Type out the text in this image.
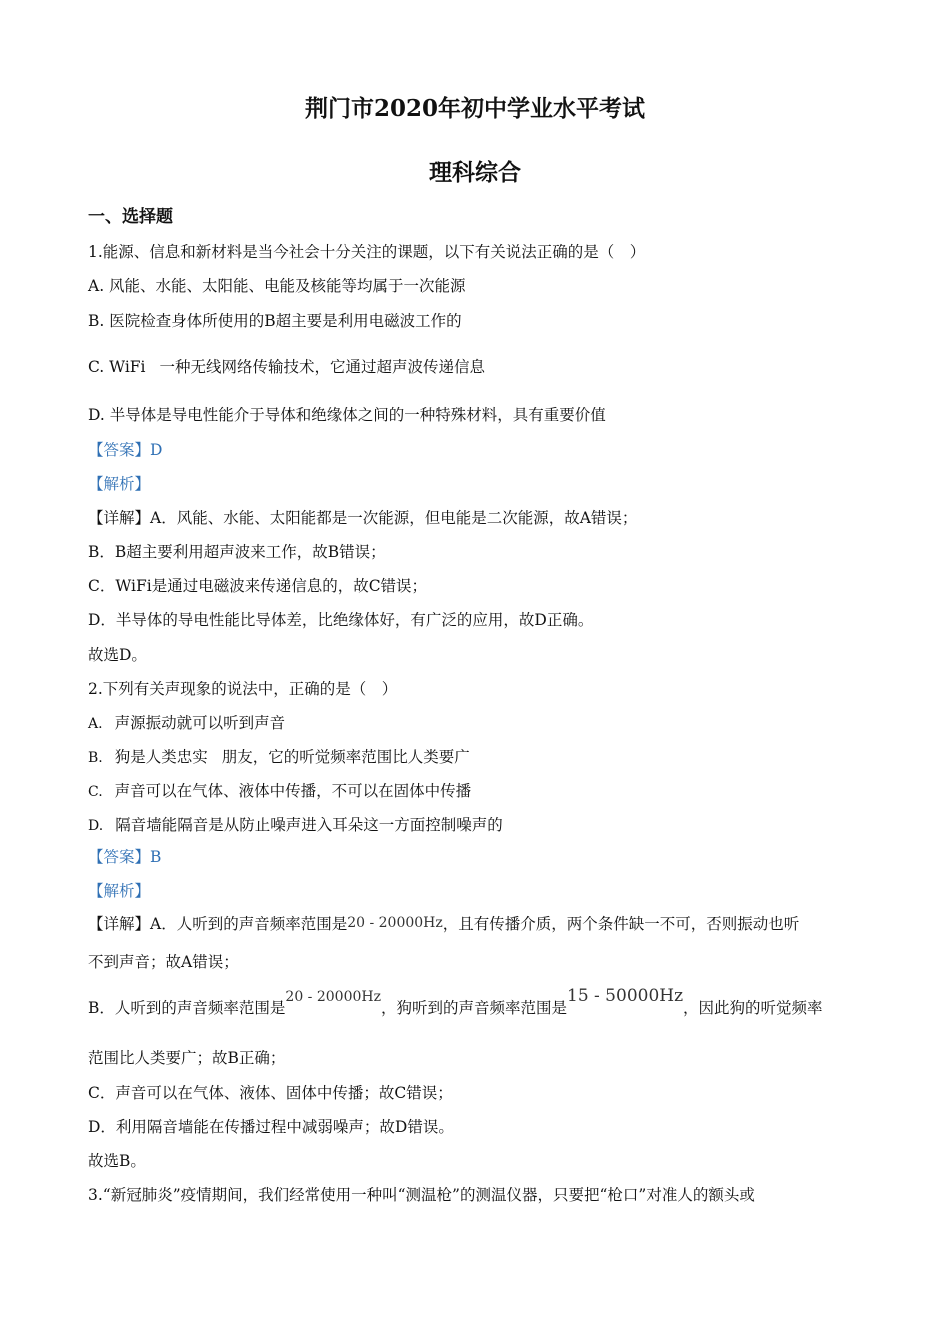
荆门市2020年初中学业水平考试
理科综合
一、选择题
1.能源、信息和新材料是当今社会十分关注的课题，以下有关说法正确的是（　）
A. 风能、水能、太阳能、电能及核能等均属于一次能源
B. 医院检查身体所使用的B超主要是利用电磁波工作的
C. WiFi 一种无线网络传输技术，它通过超声波传递信息
D. 半导体是导电性能介于导体和绝缘体之间的一种特殊材料，具有重要价值
【答案】D
【解析】
【详解】A．风能、水能、太阳能都是一次能源，但电能是二次能源，故A错误；
B．B超主要利用超声波来工作，故B错误；
C．WiFi是通过电磁波来传递信息的，故C错误；
D．半导体的导电性能比导体差，比绝缘体好，有广泛的应用，故D正确。
故选D。
2.下列有关声现象的说法中，正确的是（　）
A. 声源振动就可以听到声音
B. 狗是人类忠实 朋友，它的听觉频率范围比人类要广
C. 声音可以在气体、液体中传播，不可以在固体中传播
D. 隔音墙能隔音是从防止噪声进入耳朵这一方面控制噪声的
【答案】B
【解析】
【详解】A．人听到的声音频率范围是20 - 20000Hz，且有传播介质，两个条件缺一不可，否则振动也听
不到声音；故A错误；
B．人听到的声音频率范围是20 - 20000Hz，狗听到的声音频率范围是15 - 50000Hz，因此狗的听觉频率
范围比人类要广；故B正确；
C．声音可以在气体、液体、固体中传播；故C错误；
D．利用隔音墙能在传播过程中减弱噪声；故D错误。
故选B。
3.“新冠肺炎”疫情期间，我们经常使用一种叫“测温枪”的测温仪器，只要把“枪口”对准人的额头或
